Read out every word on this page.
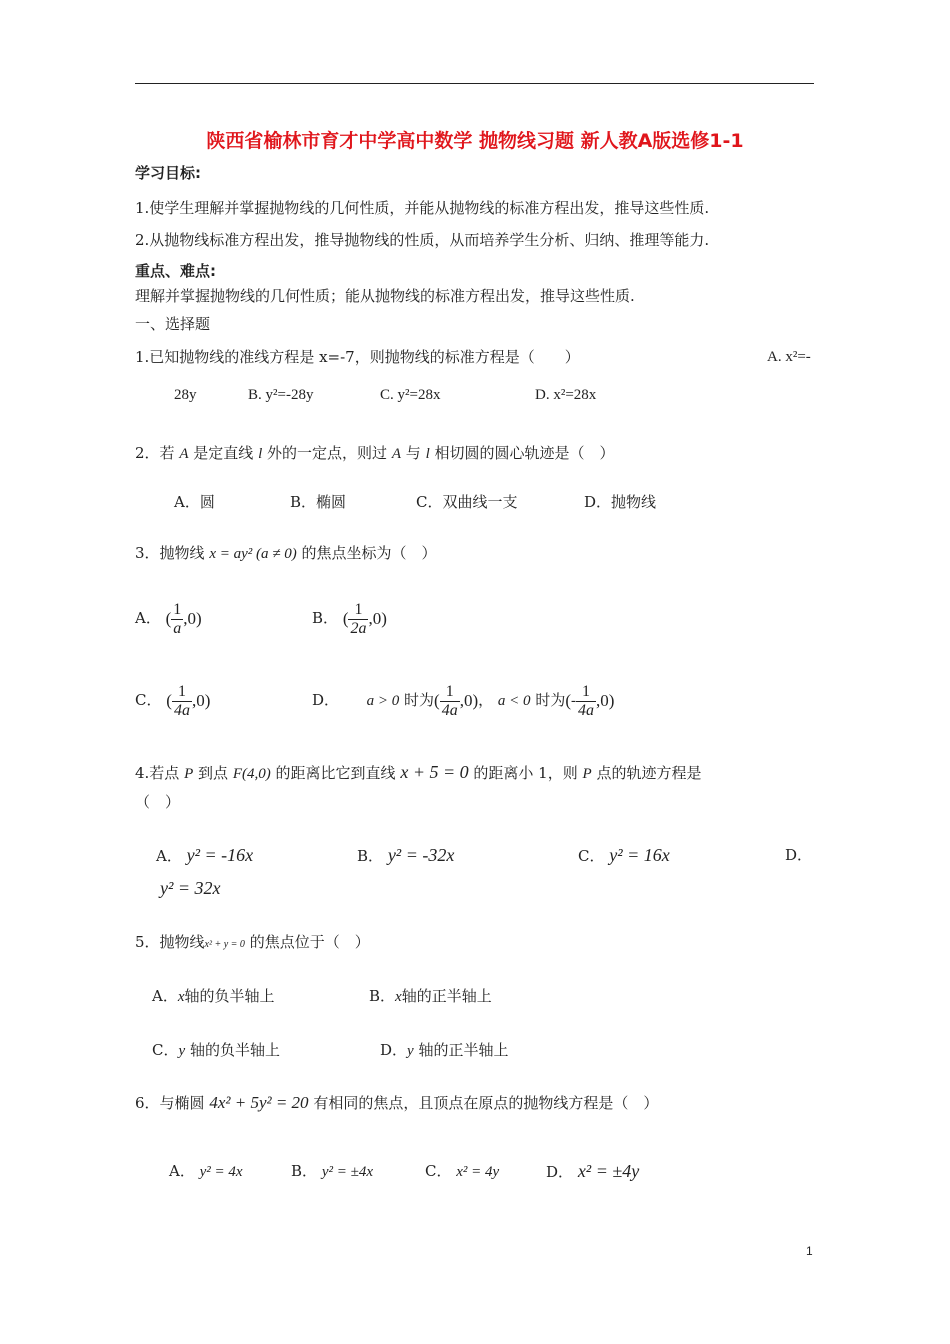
陕西省榆林市育才中学高中数学 抛物线习题 新人教A版选修1-1
学习目标:
1.使学生理解并掌握抛物线的几何性质，并能从抛物线的标准方程出发，推导这些性质.
2.从抛物线标准方程出发，推导抛物线的性质，从而培养学生分析、归纳、推理等能力.
重点、难点:
理解并掌握抛物线的几何性质；能从抛物线的标准方程出发，推导这些性质.
一、选择题
1.已知抛物线的准线方程是 x=-7，则抛物线的标准方程是（　　）	A. x²=-
28y	B. y²=-28y	C. y²=28x	D. x²=28x
2．若 A 是定直线 l 外的一定点，则过 A 与 l 相切圆的圆心轨迹是（　）
A．圆	B．椭圆	C．双曲线一支	D．抛物线
3．抛物线 x = ay² (a ≠ 0) 的焦点坐标为（　）
A． ( $\frac{1}{a} ,0$)	B． ( $\frac{1}{2a} ,0$)
C． ( $\frac{1}{4a} ,0$)	D． a > 0 时为( $\frac{1}{4a} ,0$)， a < 0 时为(- $\frac{1}{4a} ,0$)
4.若点 P 到点 F(4,0) 的距离比它到直线 x + 5 = 0 的距离小 1，则 P 点的轨迹方程是
（　）
A． y² = -16x	B． y² = -32x	C． y² = 16x	D．
y² = 32x
5．抛物线x² + y = 0 的焦点位于（　）
A．x轴的负半轴上	B．x轴的正半轴上
C．y 轴的负半轴上	D．y 轴的正半轴上
6．与椭圆 4x² + 5y² = 20 有相同的焦点，且顶点在原点的抛物线方程是（　）
A． y² = 4x	B． y² = ±4x	C． x² = 4y	D． x² = ±4y
1
